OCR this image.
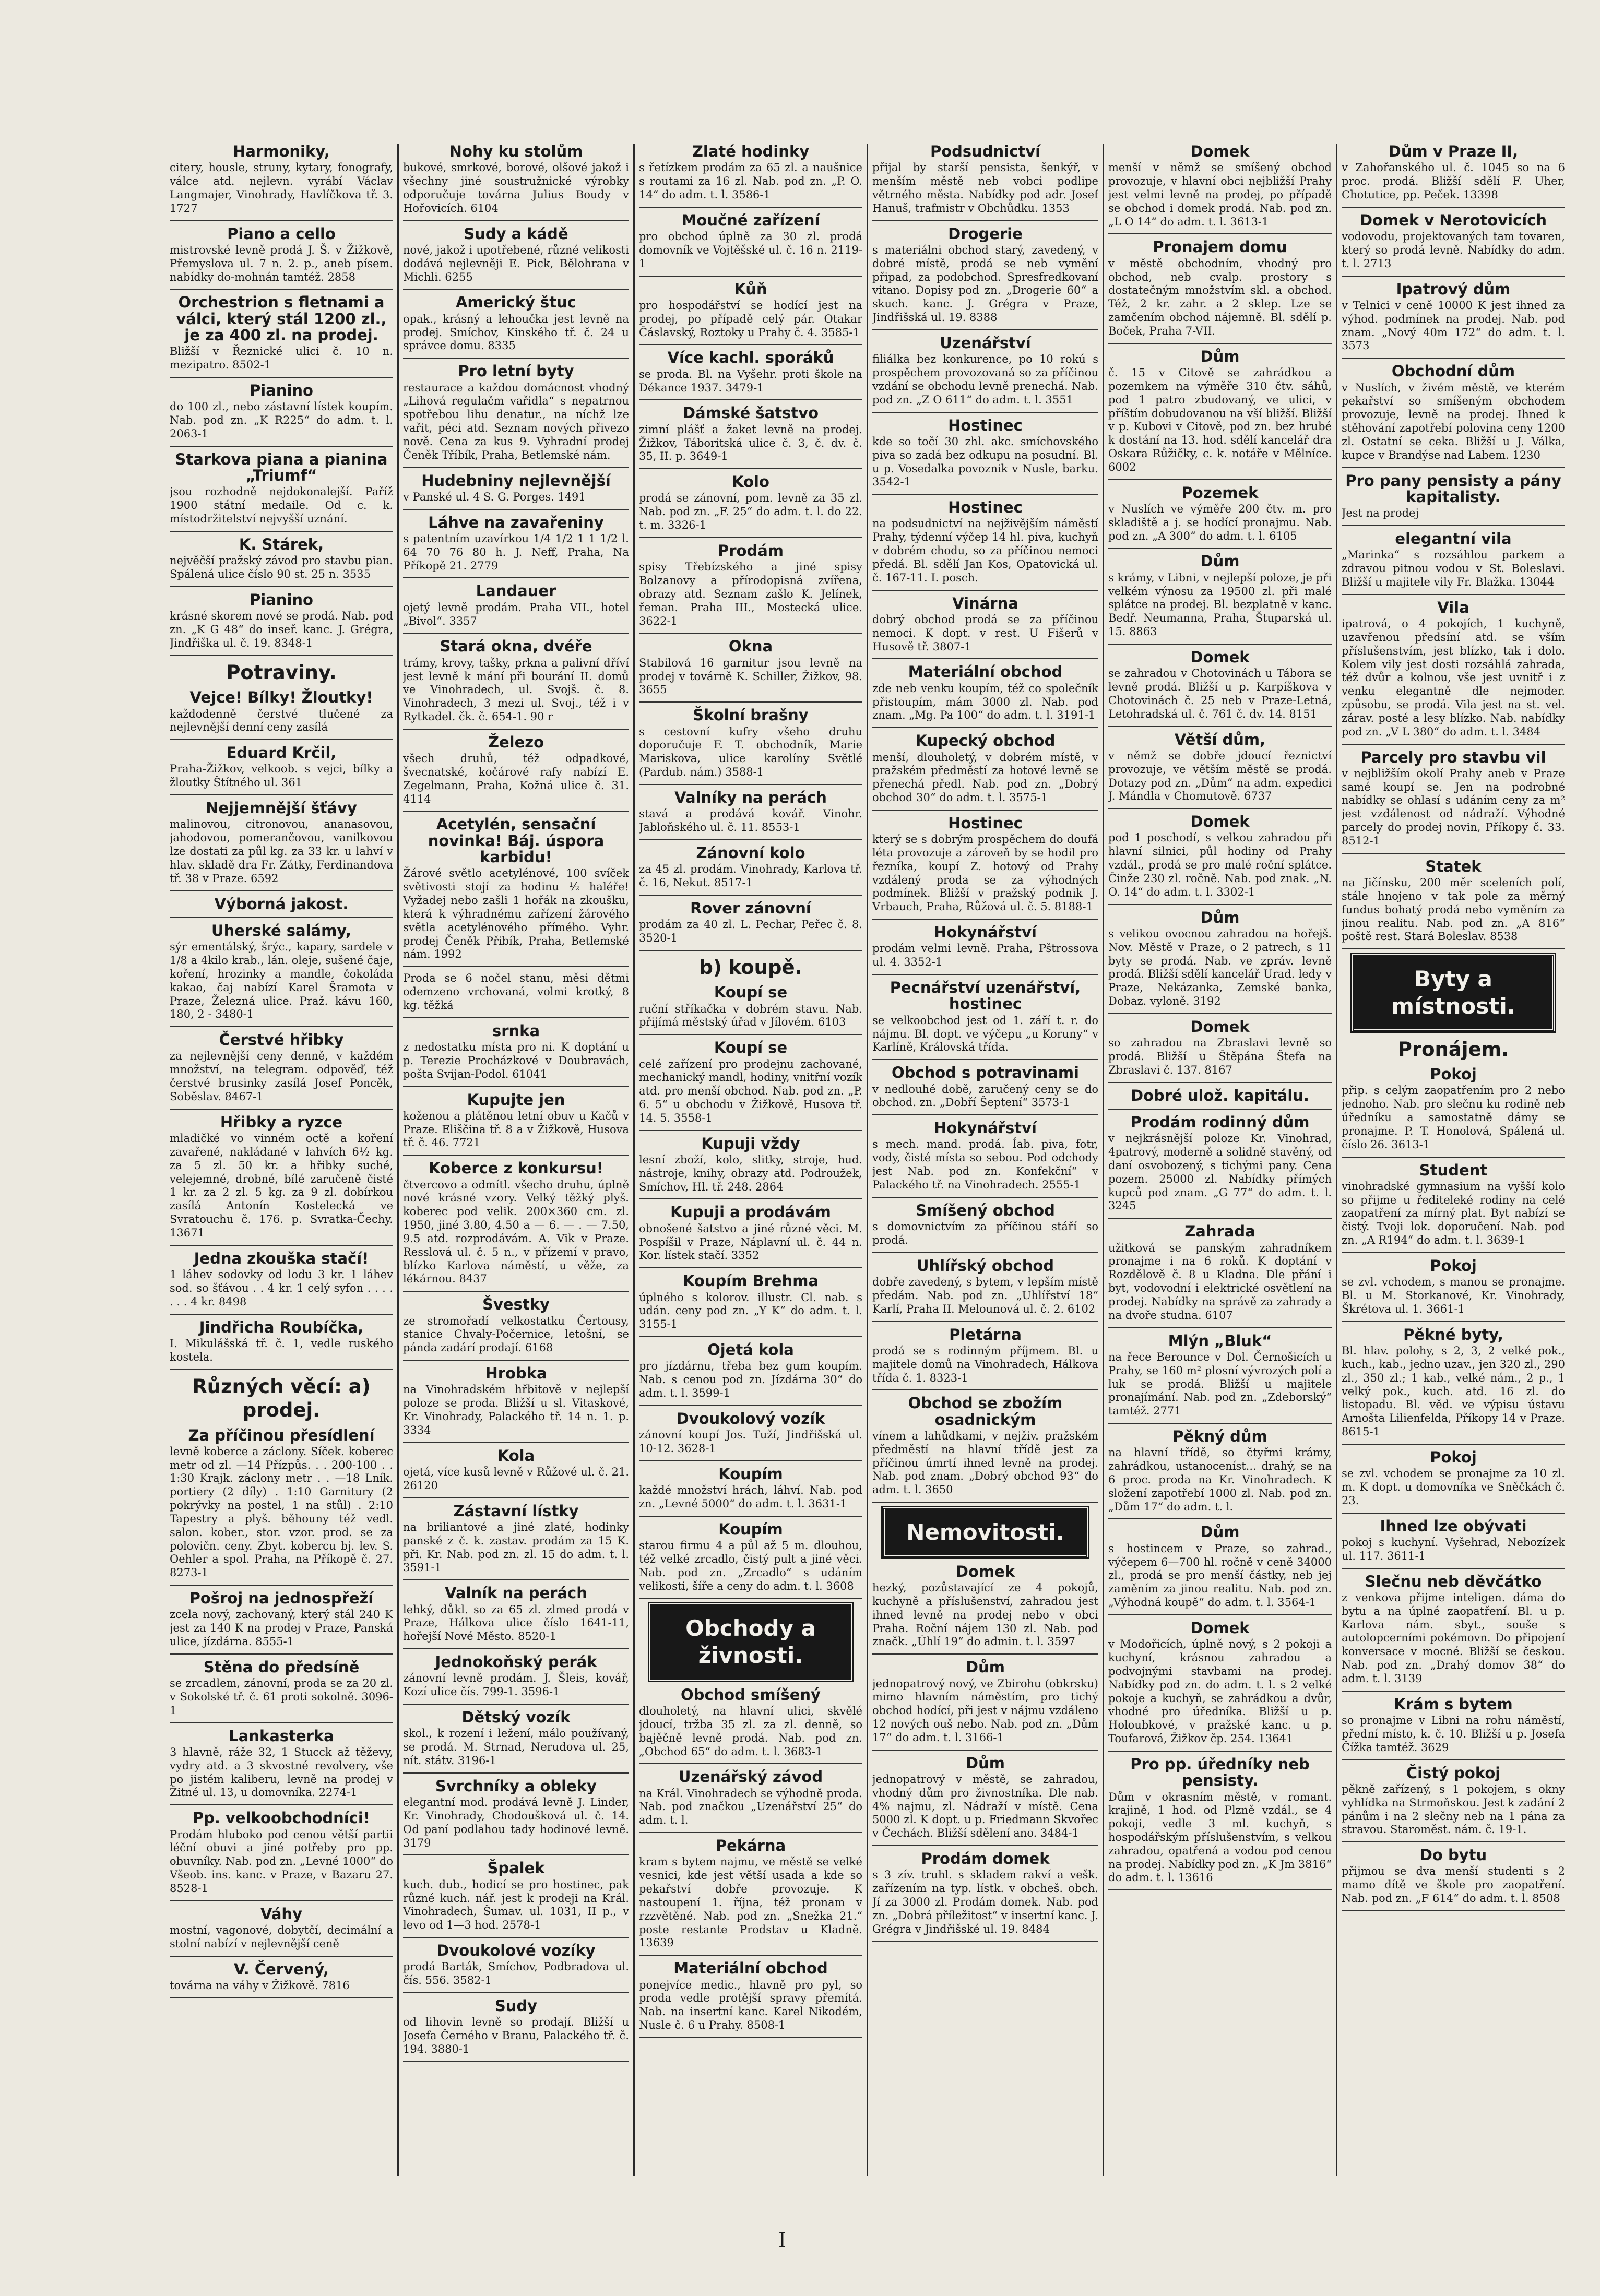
Harmoniky,

citery, housle, struny, kytary, fonografy, válce atd. nejlevn. vyrábí Václav Langmajer, Vinohrady, Havlíčkova tř. 3. 1727

Piano a cello

mistrovské levně prodá J. Š. v Žižkově, Přemyslova ul. 7 n. 2. p., aneb písem. nabídky do-mohnán tamtéž. 2858

Orchestrion s fletnami a válci, který stál 1200 zl., je za 400 zl. na prodej.

Bližší v Řeznické ulici č. 10 n. mezipatro. 8502-1

Pianino

do 100 zl., nebo zástavní lístek koupím. Nab. pod zn. „K R225“ do adm. t. l. 2063-1

Starkova piana a pianina „Triumf“

jsou rozhodně nejdokonalejší. Paříž 1900 státní medaile. Od c. k. místodržitelství nejvyšší uznání.

K. Stárek,

nejvěčší pražský závod pro stavbu pian. Spálená ulice číslo 90 st. 25 n. 3535

Pianino

krásné skorem nové se prodá. Nab. pod zn. „K G 48“ do inseř. kanc. J. Grégra, Jindřiška ul. č. 19. 8348-1

Potraviny.
Vejce! Bílky! Žloutky!

každodenně čerstvé tlučené za nejlevnější denní ceny zasílá

Eduard Krčil,

Praha-Žižkov, velkoob. s vejci, bílky a žloutky Štítného ul. 361

Nejjemnější šťávy

malinovou, citronovou, ananasovou, jahodovou, pomerančovou, vanilkovou lze dostati za půl kg. za 33 kr. u lahví v hlav. skladě dra Fr. Zátky, Ferdinandova tř. 38 v Praze. 6592

Výborná jakost.
Uherské salámy,

sýr ementálský, šrýc., kapary, sardele v 1/8 a 4kilo krab., lán. oleje, sušené čaje, koření, hrozinky a mandle, čokoláda kakao, čaj nabízí Karel Šramota v Praze, Železná ulice. Praž. kávu 160, 180, 2 - 3480-1

Čerstvé hřibky

za nejlevnější ceny denně, v každém množství, na telegram. odpověď, též čerstvé brusinky zasílá Josef Poncěk, Soběslav. 8467-1

Hřibky a ryzce

mladičké vo vinném octě a koření zavařené, nakládané v lahvích 6½ kg. za 5 zl. 50 kr. a hřibky suché, velejemné, drobné, bílé zaručeně čisté 1 kr. za 2 zl. 5 kg. za 9 zl. dobírkou zasílá Antonín Kostelecká ve Svratouchu č. 176. p. Svratka-Čechy. 13671

Jedna zkouška stačí!

1 láhev sodovky od lodu 3 kr. 1 láhev sod. so šťávou . . 4 kr. 1 celý syfon . . . . . . . 4 kr. 8498

Jindřicha Roubíčka,

I. Mikulášská tř. č. 1, vedle ruského kostela.

Různých věcí: a) prodej.
Za příčinou přesídlení

levně koberce a záclony. Síček. koberec metr od zl. —14 Přízpůs. . . 200-100 . . 1:30 Krajk. záclony metr . . —18 Lník. portiery (2 díly) . 1:10 Garnitury (2 pokrývky na postel, 1 na stůl) . 2:10 Tapestry a plyš. běhouny též vedl. salon. kober., stor. vzor. prod. se za polovičn. ceny. Zbyt. kobercu bj. lev. S. Oehler a spol. Praha, na Příkopě č. 27. 8273-1

Pošroj na jednospřeží

zcela nový, zachovaný, který stál 240 K jest za 140 K na prodej v Praze, Panská ulice, jízdárna. 8555-1

Stěna do předsíně

se zrcadlem, zánovní, proda se za 20 zl. v Sokolské tř. č. 61 proti sokolně. 3096-1

Lankasterka

3 hlavně, ráže 32, 1 Stucck až těževy, vydry atd. a 3 skvostné revolvery, vše po jistém kaliberu, levně na prodej v Žitné ul. 13, u domovníka. 2274-1

Pp. velkoobchodníci!

Prodám hluboko pod cenou větší partii léční obuvi a jiné potřeby pro pp. obuvníky. Nab. pod zn. „Levné 1000“ do Všeob. ins. kanc. v Praze, v Bazaru 27. 8528-1

Váhy

mostní, vagonové, dobytčí, decimální a stolní nabízí v nejlevnější ceně

V. Červený,

továrna na váhy v Žižkově. 7816

Nohy ku stolům

bukové, smrkové, borové, olšové jakož i všechny jiné soustružnické výrobky odporučuje továrna Julius Boudy v Hořovicích. 6104

Sudy a kádě

nové, jakož i upotřebené, různé velikosti dodává nejlevněji E. Pick, Bělohrana v Michli. 6255

Americký štuc

opak., krásný a lehoučka jest levně na prodej. Smíchov, Kinského tř. č. 24 u správce domu. 8335

Pro letní byty

restaurace a každou domácnost vhodný „Lihová regulačm vařidla“ s nepatrnou spotřebou lihu denatur., na níchž lze vařit, péci atd. Seznam nových přivezo nově. Cena za kus 9. Vyhradní prodej Čeněk Tříbík, Praha, Betlemské nám.

Hudebniny nejlevnější

v Panské ul. 4 S. G. Porges. 1491

Láhve na zavařeniny

s patentním uzavírkou 1/4 1/2 1 1 1/2 l. 64 70 76 80 h. J. Neff, Praha, Na Příkopě 21. 2779

Landauer

ojetý levně prodám. Praha VII., hotel „Bivol“. 3357

Stará okna, dvéře

trámy, krovy, tašky, prkna a palivní dříví jest levně k mání při bourání II. domů ve Vinohradech, ul. Svojš. č. 8. Vinohradech, 3 mezi ul. Svoj., též i v Rytkadel. čk. č. 654-1. 90 r

Železo

všech druhů, též odpadkové, švecnatské, kočárové rafy nabízí E. Zegelmann, Praha, Kožná ulice č. 31. 4114

Acetylén, sensační novinka! Báj. úspora karbidu!

Žárové světlo acetylénové, 100 svíček světivosti stojí za hodinu ½ haléře! Vyžadej nebo zašli 1 hořák na zkoušku, která k výhradnému zařízení žárového světla acetylénového přímého. Vyhr. prodej Čeněk Přibík, Praha, Betlemské nám. 1992

Proda se 6 nočel stanu, měsi dětmi odemzeno vrchovaná, volmi krotký, 8 kg. těžká

srnka

z nedostatku místa pro ni. K doptání u p. Terezie Procházkové v Doubravách, pošta Svijan-Podol. 61041

Kupujte jen

koženou a plátěnou letní obuv u Kačů v Praze. Eliščina tř. 8 a v Žižkově, Husova tř. č. 46. 7721

Koberce z konkursu!

čtvercovo a odmítl. všecho druhu, úplně nové krásné vzory. Velký těžký plyš. koberec pod velik. 200×360 cm. zl. 1950, jiné 3.80, 4.50 a — 6. — . — 7.50, 9.5 atd. rozprodávám. A. Vik v Praze. Resslová ul. č. 5 n., v přízemí v pravo, blízko Karlova náměstí, u věže, za lékárnou. 8437

Švestky

ze stromořadí velkostatku Čertousy, stanice Chvaly-Počernice, letošní, se pánda zadárí prodají. 6168

Hrobka

na Vinohradském hřbitově v nejlepší poloze se proda. Bližší u sl. Vitaskové, Kr. Vinohrady, Palackého tř. 14 n. 1. p. 3334

Kola

ojetá, více kusů levně v Růžové ul. č. 21. 26120

Zástavní lístky

na briliantové a jiné zlaté, hodinky panské z č. k. zastav. prodám za 15 K. při. Kr. Nab. pod zn. zl. 15 do adm. t. l. 3591-1

Valník na perách

lehký, důkl. so za 65 zl. zlmed prodá v Praze, Hálkova ulice číslo 1641-11, hořejší Nové Město. 8520-1

Jednokoňský perák

zánovní levně prodám. J. Šleis, kovář, Kozí ulice čís. 799-1. 3596-1

Dětský vozík

skol., k rození i ležení, málo používaný, se prodá. M. Strnad, Nerudova ul. 25, nít. státv. 3196-1

Svrchníky a obleky

elegantní mod. prodává levně J. Linder, Kr. Vinohrady, Chodoušková ul. č. 14. Od paní podlahou tady hodinové levně. 3179

Špalek

kuch. dub., hodicí se pro hostinec, pak různé kuch. nář. jest k prodeji na Král. Vinohradech, Šumav. ul. 1031, II p., v levo od 1—3 hod. 2578-1

Dvoukolové vozíky

prodá Barták, Smíchov, Podbradova ul. čís. 556. 3582-1

Sudy

od lihovin levně so prodají. Bližší u Josefa Černého v Branu, Palackého tř. č. 194. 3880-1

Zlaté hodinky

s řetízkem prodám za 65 zl. a naušnice s routami za 16 zl. Nab. pod zn. „P. O. 14“ do adm. t. l. 3586-1

Moučné zařízení

pro obchod úplně za 30 zl. prodá domovník ve Vojtěšské ul. č. 16 n. 2119-1

Kůň

pro hospodářství se hodící jest na prodej, po případě celý pár. Otakar Čáslavský, Roztoky u Prahy č. 4. 3585-1

Více kachl. sporáků

se proda. Bl. na Vyšehr. proti škole na Dékance 1937. 3479-1

Dámské šatstvo

zimní plášť a žaket levně na prodej. Žižkov, Táboritská ulice č. 3, č. dv. č. 35, II. p. 3649-1

Kolo

prodá se zánovní, pom. levně za 35 zl. Nab. pod zn. „F. 25“ do adm. t. l. do 22. t. m. 3326-1

Prodám

spisy Třebízského a jiné spisy Bolzanovy a přírodopisná zvířena, obrazy atd. Seznam zašlo K. Jelínek, řeman. Praha III., Mostecká ulice. 3622-1

Okna

Stabilová 16 garnitur jsou levně na prodej v továrně K. Schiller, Žižkov, 98. 3655

Školní brašny

s cestovní kufry všeho druhu doporučuje F. T. obchodník, Marie Mariskova, ulice karolíny Světlé (Pardub. nám.) 3588-1

Valníky na perách

stavá a prodává kovář. Vinohr. Jabloňského ul. č. 11. 8553-1

Zánovní kolo

za 45 zl. prodám. Vinohrady, Karlova tř. č. 16, Nekut. 8517-1

Rover zánovní

prodám za 40 zl. L. Pechar, Peřec č. 8. 3520-1

b) koupě.
Koupí se

ruční stříkačka v dobrém stavu. Nab. přijímá městský úřad v Jílovém. 6103

Koupí se

celé zařízení pro prodejnu zachované, mechanický mandl, hodiny, vnitřní vozík atd. pro menší obchod. Nab. pod zn. „P. 6. 5“ u obchodu v Žižkově, Husova tř. 14. 5. 3558-1

Kupuji vždy

lesní zboží, kolo, slitky, stroje, hud. nástroje, knihy, obrazy atd. Podroužek, Smíchov, Hl. tř. 248. 2864

Kupuji a prodávám

obnošené šatstvo a jiné různé věci. M. Pospíšil v Praze, Náplavní ul. č. 44 n. Kor. lístek stačí. 3352

Koupím Brehma

úplného s kolorov. illustr. Cl. nab. s udán. ceny pod zn. „Y K“ do adm. t. l. 3155-1

Ojetá kola

pro jízdárnu, třeba bez gum koupím. Nab. s cenou pod zn. Jízdárna 30“ do adm. t. l. 3599-1

Dvoukolový vozík

zánovní koupí Jos. Tuží, Jindřišská ul. 10-12. 3628-1

Koupím

každé množství hrách, láhví. Nab. pod zn. „Levné 5000“ do adm. t. l. 3631-1

Koupím

starou firmu 4 a půl až 5 m. dlouhou, též velké zrcadlo, čistý pult a jiné věci. Nab. pod zn. „Zrcadlo“ s udáním velikosti, šíře a ceny do adm. t. l. 3608

Obchody a živnosti.
Obchod smíšený

dlouholetý, na hlavní ulici, skvělé jdoucí, tržba 35 zl. za zl. denně, so bajěčně levně prodá. Nab. pod zn. „Obchod 65“ do adm. t. l. 3683-1

Uzenářský závod

na Král. Vinohradech se výhodně proda. Nab. pod značkou „Uzenářství 25“ do adm. t. l.

Pekárna

kram s bytem najmu, ve městě se velké vesnici, kde jest větší usada a kde so pekařství dobře provozuje. K nastoupení 1. října, též pronam v rzzvětěné. Nab. pod zn. „Snežka 21.“ poste restante Prodstav u Kladně. 13639

Materiální obchod

ponejvíce medic., hlavně pro pyl, so proda vedle protější spravy přemítá. Nab. na insertní kanc. Karel Nikodém, Nusle č. 6 u Prahy. 8508-1

Podsudnictví

přijal by starší pensista, šenkýř, v menším městě neb vobci podlipe větrného města. Nabídky pod adr. Josef Hanuš, trafmistr v Obchůdku. 1353

Drogerie

s materiálni obchod starý, zavedený, v dobré místě, prodá se neb vymění připad, za podobchod. Spresfredkovaní vitano. Dopisy pod zn. „Drogerie 60“ a skuch. kanc. J. Grégra v Praze, Jindřišská ul. 19. 8388

Uzenářství

filiálka bez konkurence, po 10 rokú s prospěchem provozovaná so za příčinou vzdání se obchodu levně prenechá. Nab. pod zn. „Z O 611“ do adm. t. l. 3551

Hostinec

kde so točí 30 zhl. akc. smíchovského piva so zadá bez odkupu na posudní. Bl. u p. Vosedalka povoznik v Nusle, barku. 3542-1

Hostinec

na podsudnictví na nejživějším náměstí Prahy, týdenní výčep 14 hl. piva, kuchyň v dobrém chodu, so za příčinou nemoci předá. Bl. sdělí Jan Kos, Opatovická ul. č. 167-11. I. posch.

Vinárna

dobrý obchod prodá se za příčinou nemoci. K dopt. v rest. U Fišerů v Husově tř. 3807-1

Materiální obchod

zde neb venku koupím, též co společník přistoupím, mám 3000 zl. Nab. pod znam. „Mg. Pa 100“ do adm. t. l. 3191-1

Kupecký obchod

menší, dlouholetý, v dobrém místě, v pražském předměstí za hotové levně se přenechá předl. Nab. pod zn. „Dobrý obchod 30“ do adm. t. l. 3575-1

Hostinec

který se s dobrým prospěchem do doufá léta provozuje a zároveň by se hodil pro řezníka, koupí Z. hotový od Prahy vzdálený proda se za výhodných podmínek. Bližší v pražský podnik J. Vrbauch, Praha, Růžová ul. č. 5. 8188-1

Hokynářství

prodám velmi levně. Praha, Pštrossova ul. 4. 3352-1

Pecnářství uzenářství, hostinec

se velkoobchod jest od 1. září t. r. do nájmu. Bl. dopt. ve výčepu „u Koruny“ v Karlíně, Královská třída.

Obchod s potravinami

v nedlouhé době, zaručený ceny se do obchod. zn. „Dobří Šeptení“ 3573-1

Hokynářství

s mech. mand. prodá. Íab. piva, fotr, vody, čisté místa so sebou. Pod odchody jest Nab. pod zn. Konfekční“ v Palackého tř. na Vinohradech. 2555-1

Smíšený obchod

s domovnictvím za příčinou stáří so prodá.

Uhlířský obchod

dobře zavedený, s bytem, v lepším místě předám. Nab. pod zn. „Uhlířství 18“ Karlí, Praha II. Melounová ul. č. 2. 6102

Pletárna

prodá se s rodinným příjmem. Bl. u majitele domů na Vinohradech, Hálkova třída č. 1. 8323-1

Obchod se zbožím osadnickým

vínem a lahůdkami, v nejživ. pražském předměstí na hlavní třídě jest za příčinou úmrtí ihned levně na prodej. Nab. pod znam. „Dobrý obchod 93“ do adm. t. l. 3650

Nemovitosti.
Domek

hezký, pozůstavající ze 4 pokojů, kuchyně a příslušenství, zahradou jest ihned levně na prodej nebo v obci Praha. Roční nájem 130 zl. Nab. pod značk. „Úhlí 19“ do admin. t. l. 3597

Dům

jednopatrový nový, ve Zbirohu (obkrsku) mimo hlavním náměstím, pro tichý obchod hodící, při jest v nájmu vzdáleno 12 nových ouš nebo. Nab. pod zn. „Dům 17“ do adm. t. l. 3166-1

Dům

jednopatrový v městě, se zahradou, vhodný dům pro živnostníka. Dle nab. 4% najmu, zl. Nádraží v místě. Cena 5000 zl. K dopt. u p. Friedmann Skvořec v Čechách. Bližší sdělení ano. 3484-1

Prodám domek

s 3 zív. truhl. s skladem rakví a vešk. zařízením na typ. lístk. v obcheš. obch. Jí za 3000 zl. Prodám domek. Nab. pod zn. „Dobrá příležitost“ v insertní kanc. J. Grégra v Jindřišské ul. 19. 8484

Domek

menší v němž se smíšený obchod provozuje, v hlavní obci nejbližší Prahy jest velmi levně na prodej, po případě se obchod i domek prodá. Nab. pod zn. „L O 14“ do adm. t. l. 3613-1

Pronajem domu

v městě obchodním, vhodný pro obchod, neb cvalp. prostory s dostatečným množstvím skl. a obchod. Též, 2 kr. zahr. a 2 sklep. Lze se zamčením obchod nájemně. Bl. sdělí p. Boček, Praha 7-VII.

Dům

č. 15 v Citově se zahrádkou a pozemkem na výměře 310 čtv. sáhů, pod 1 patro zbudovaný, ve ulici, v příštím dobudovanou na vší bližší. Bližší v p. Kubovi v Citově, pod zn. bez hrubé k dostání na 13. hod. sdělí kancelář dra Oskara Růžičky, c. k. notáře v Mělníce. 6002

Pozemek

v Nuslích ve výměře 200 čtv. m. pro skladiště a j. se hodící pronajmu. Nab. pod zn. „A 300“ do adm. t. l. 6105

Dům

s krámy, v Libni, v nejlepší poloze, je při velkém výnosu za 19500 zl. při malé splátce na prodej. Bl. bezplatně v kanc. Bedř. Neumanna, Praha, Štuparská ul. 15. 8863

Domek

se zahradou v Chotovinách u Tábora se levně prodá. Bližší u p. Karpíškova v Chotovinách č. 25 neb v Praze-Letná, Letohradská ul. č. 761 č. dv. 14. 8151

Větší dům,

v němž se dobře jdoucí řeznictví provozuje, ve větším městě se prodá. Dotazy pod zn. „Dům“ na adm. expedici J. Mándla v Chomutově. 6737

Domek

pod 1 poschodí, s velkou zahradou při hlavní silnici, půl hodiny od Prahy vzdál., prodá se pro malé roční splátce. Činže 230 zl. ročně. Nab. pod znak. „N. O. 14“ do adm. t. l. 3302-1

Dům

s velikou ovocnou zahradou na hořejš. Nov. Městě v Praze, o 2 patrech, s 11 byty se prodá. Nab. ve zpráv. levně prodá. Bližší sdělí kancelář Urad. ledy v Praze, Nekázanka, Zemské banka, Dobaz. vyloně. 3192

Domek

so zahradou na Zbraslavi levně so prodá. Bližší u Štěpána Štefa na Zbraslavi č. 137. 8167

Dobré ulož. kapitálu.
Prodám rodinný dům

v nejkrásnější poloze Kr. Vinohrad, 4patrový, moderně a solidně stavěný, od daní osvobozený, s tichými pany. Cena pozem. 25000 zl. Nabídky přímých kupců pod znam. „G 77“ do adm. t. l. 3245

Zahrada

užitková se panským zahradníkem pronajme i na 6 roků. K doptání v Rozdělově č. 8 u Kladna. Dle přání i byt, vodovodní i elektrické osvětlení na prodej. Nabídky na správě za zahrady a na dvoře studna. 6107

Mlýn „Bluk“

na řece Berounce v Dol. Černošicích u Prahy, se 160 m² plosní vývrozých polí a luk se prodá. Bližší u majitele pronajímání. Nab. pod zn. „Zdeborský“ tamtéž. 2771

Pěkný dům

na hlavní třídě, so čtyřmi krámy, zahrádkou, ustanoceníst... drahý, se na 6 proc. proda na Kr. Vinohradech. K složení zapotřebí 1000 zl. Nab. pod zn. „Dům 17“ do adm. t. l.

Dům

s hostincem v Praze, so zahrad., výčepem 6—700 hl. ročně v ceně 34000 zl., prodá se pro menší částky, neb jej zaměním za jinou realitu. Nab. pod zn. „Výhodná koupě“ do adm. t. l. 3564-1

Domek

v Modořicích, úplně nový, s 2 pokoji a kuchyní, krásnou zahradou a podvojnými stavbami na prodej. Nabídky pod zn. do adm. t. l. s 2 velké pokoje a kuchyň, se zahrádkou a dvůr, vhodné pro úředníka. Bližší u p. Holoubkové, v pražské kanc. u p. Toufarová, Žižkov čp. 254. 13641

Pro pp. úředníky neb pensisty.

Dům v okrasním městě, v romant. krajině, 1 hod. od Plzně vzdál., se 4 pokoji, vedle 3 ml. kuchyň, s hospodářským příslušenstvím, s velkou zahradou, opatřená a vodou pod cenou na prodej. Nabídky pod zn. „K Jm 3816“ do adm. t. l. 13616

Dům v Praze II,

v Zahořanského ul. č. 1045 so na 6 proc. prodá. Bližší sdělí F. Uher, Chotutice, pp. Peček. 13398

Domek v Nerotovicích

vodovodu, projektovaných tam tovaren, který so prodá levně. Nabídky do adm. t. l. 2713

Ipatrový dům

v Telnici v ceně 10000 K jest ihned za výhod. podmínek na prodej. Nab. pod znam. „Nový 40m 172“ do adm. t. l. 3573

Obchodní dům

v Nuslích, v živém městě, ve kterém pekařství so smíšeným obchodem provozuje, levně na prodej. Ihned k stěhování zapotřebí polovina ceny 1200 zl. Ostatní se ceka. Bližší u J. Válka, kupce v Brandýse nad Labem. 1230

Pro pany pensisty a pány kapitalisty.

Jest na prodej

elegantní vila

„Marinka“ s rozsáhlou parkem a zdravou pitnou vodou v St. Boleslavi. Bližší u majitele vily Fr. Blažka. 13044

Vila

ipatrová, o 4 pokojích, 1 kuchyně, uzavřenou předsíní atd. se vším příslušenstvím, jest blízko, tak i dolo. Kolem vily jest dosti rozsáhlá zahrada, též dvůr a kolnou, vše jest uvnitř i z venku elegantně dle nejmoder. způsobu, se prodá. Vila jest na st. vel. zárav. posté a lesy blízko. Nab. nabídky pod zn. „V L 380“ do adm. t. l. 3484

Parcely pro stavbu vil

v nejbližším okolí Prahy aneb v Praze samé koupí se. Jen na podrobné nabídky se ohlasí s udáním ceny za m² jest vzdálenost od nádraží. Výhodné parcely do prodej novin, Příkopy č. 33. 8512-1

Statek

na Jičínsku, 200 měr sceleních polí, stále hnojeno v tak pole za měrný fundus bohatý prodá nebo vyměním za jinou realitu. Nab. pod zn. „A 816“ poště rest. Stará Boleslav. 8538

Byty a místnosti.
Pronájem.
Pokoj

přip. s celým zaopatřením pro 2 nebo jednoho. Nab. pro slečnu ku rodině neb úředníku a samostatně dámy se pronajme. P. T. Honolová, Spálená ul. číslo 26. 3613-1

Student

vinohradské gymnasium na vyšší kolo so přijme u řediteleké rodiny na celé zaopatření za mírný plat. Byt nabízí se čistý. Tvoji lok. doporučení. Nab. pod zn. „A R194“ do adm. t. l. 3639-1

Pokoj

se zvl. vchodem, s manou se pronajme. Bl. u M. Storkanové, Kr. Vinohrady, Škrétova ul. 1. 3661-1

Pěkné byty,

Bl. hlav. polohy, s 2, 3, 2 velké pok., kuch., kab., jedno uzav., jen 320 zl., 290 zl., 350 zl.; 1 kab., velké nám., 2 p., 1 velký pok., kuch. atd. 16 zl. do listopadu. Bl. věd. ve výpisu ústavu Arnošta Lilienfelda, Příkopy 14 v Praze. 8615-1

Pokoj

se zvl. vchodem se pronajme za 10 zl. m. K dopt. u domovníka ve Sněčkách č. 23.

Ihned lze obývati

pokoj s kuchyní. Vyšehrad, Nebozízek ul. 117. 3611-1

Slečnu neb děvčátko

z venkova přijme inteligen. dáma do bytu a na úplné zaopatření. Bl. u p. Karlova nám. sbyt., souše s autolopcerními pokémovn. Do připojení konversace v mocné. Bližší se českou. Nab. pod zn. „Drahý domov 38“ do adm. t. l. 3139

Krám s bytem

so pronajme v Libni na rohu náměstí, přední místo, k. č. 10. Bližší u p. Josefa Čížka tamtéž. 3629

Čistý pokoj

pěkně zařízený, s 1 pokojem, s okny vyhlídka na Strmoňskou. Jest k zadání 2 pánům i na 2 slečny neb na 1 pána za stravou. Staroměst. nám. č. 19-1.

Do bytu

přijmou se dva menší studenti s 2 mamo dítě ve škole pro zaopatření. Nab. pod zn. „F 614“ do adm. t. l. 8508

I
